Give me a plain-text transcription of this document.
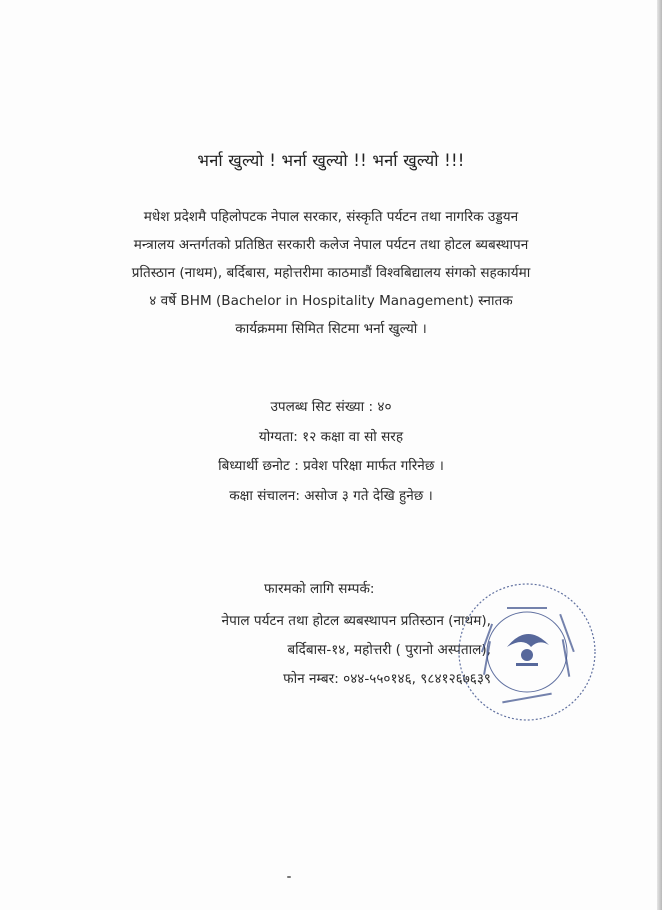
भर्ना खुल्यो ! भर्ना खुल्यो !! भर्ना खुल्यो !!!
मधेश प्रदेशमै पहिलोपटक नेपाल सरकार, संस्कृति पर्यटन तथा नागरिक उड्डयन
मन्त्रालय अन्तर्गतको प्रतिष्ठित सरकारी कलेज नेपाल पर्यटन तथा होटल ब्यबस्थापन
प्रतिस्ठान (नाथम), बर्दिबास, महोत्तरीमा काठमाडौं विश्वबिद्यालय संगको सहकार्यमा
४ वर्षे BHM (Bachelor in Hospitality Management) स्नातक
कार्यक्रममा सिमित सिटमा भर्ना खुल्यो ।
उपलब्ध सिट संख्या : ४०
योग्यता: १२ कक्षा वा सो सरह
बिध्यार्थी छनोट : प्रवेश परिक्षा मार्फत गरिनेछ ।
कक्षा संचालन: असोज ३ गते देखि हुनेछ ।
फारमको लागि सम्पर्क:
नेपाल पर्यटन तथा होटल ब्यबस्थापन प्रतिस्ठान (नाथम),
बर्दिबास-१४, महोत्तरी ( पुरानो अस्पताल),
फोन नम्बर: ०४४-५५०१४६, ९८४१२६७६३९
